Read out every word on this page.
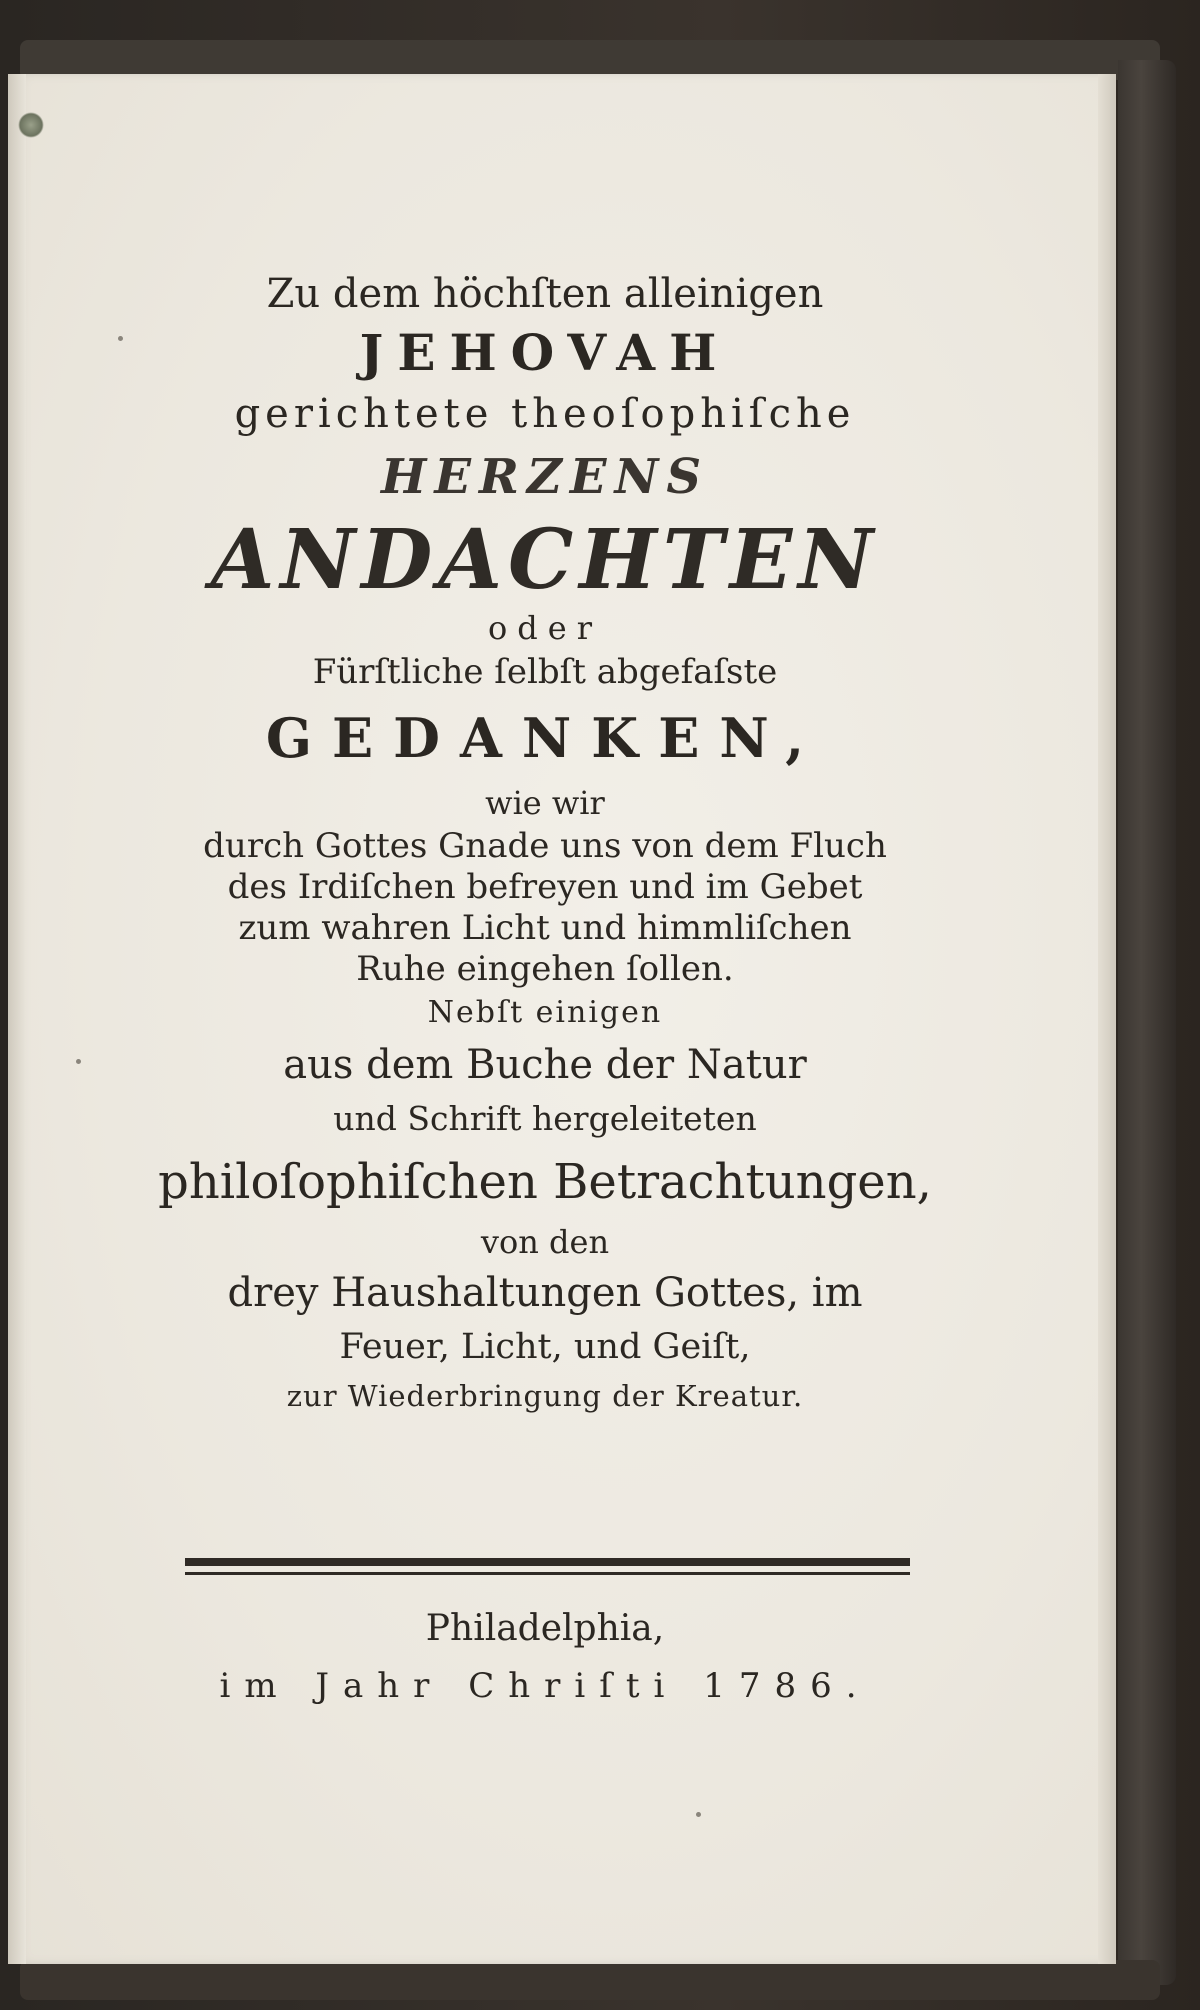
Zu dem höchſten alleinigen
JEHOVAH
gerichtete theoſophiſche
HERZENS
ANDACHTEN
oder
Fürſtliche ſelbſt abgefaſste
GEDANKEN,
wie wir
durch Gottes Gnade uns von dem Fluch
des Irdiſchen befreyen und im Gebet
zum wahren Licht und himmliſchen
Ruhe eingehen ſollen.
Nebſt einigen
aus dem Buche der Natur
und Schrift hergeleiteten
philoſophiſchen Betrachtungen,
von den
drey Haushaltungen Gottes, im
Feuer, Licht, und Geiſt,
zur Wiederbringung der Kreatur.
Philadelphia,
im Jahr Chriſti 1786.
